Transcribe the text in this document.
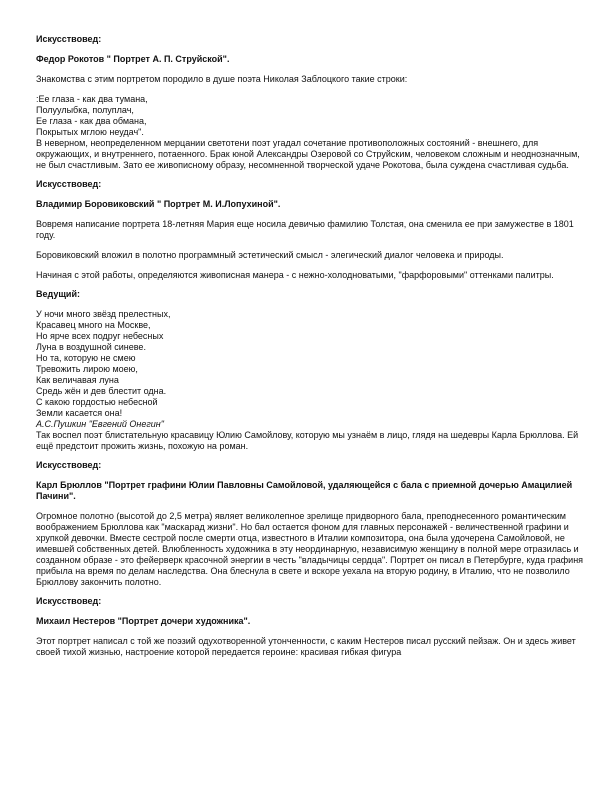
Искусствовед:

Федор Рокотов " Портрет А. П. Струйской".

Знакомства с этим портретом породило в душе поэта Николая Заблоцкого такие строки:

:Ее глаза - как два тумана,

Полуулыбка, полуплач,

Ее глаза - как два обмана,

Покрытых мглою неудач".

В неверном, неопределенном мерцании светотени поэт угадал сочетание противоположных состояний - внешнего, для окружающих, и внутреннего, потаенного. Брак юной Александры Озеровой со Струйским, человеком сложным и неоднозначным, не был счастливым. Зато ее живописному образу, несомненной творческой удаче Рокотова, была суждена счастливая судьба.

Искусствовед:

Владимир Боровиковский " Портрет М. И.Лопухиной".

Вовремя написание портрета 18-летняя Мария еще носила девичью фамилию Толстая, она сменила ее при замужестве в 1801 году.

Боровиковский вложил в полотно программный эстетический смысл - элегический диалог человека и природы.

Начиная с этой работы, определяются живописная манера - с нежно-холодноватыми, "фарфоровыми" оттенками палитры.

Ведущий:

У ночи много звёзд прелестных,

Красавец много на Москве,

Но ярче всех подруг небесных

Луна в воздушной синеве.

Но та, которую не смею

Тревожить лирою моею,

Как величавая луна

Средь жён и дев блестит одна.

С какою гордостью небесной

Земли касается она!

А.С.Пушкин "Евгений Онегин"

Так воспел поэт блистательную красавицу Юлию Самойлову, которую мы узнаём в лицо, глядя на шедевры Карла Брюллова. Ей ещё предстоит прожить жизнь, похожую на роман.

Искусствовед:

Карл Брюллов "Портрет графини Юлии Павловны Самойловой, удаляющейся с бала с приемной дочерью Амацилией Пачини".

Огромное полотно (высотой до 2,5 метра) являет великолепное зрелище придворного бала, преподнесенного романтическим воображением Брюллова как "маскарад жизни". Но бал остается фоном для главных персонажей - величественной графини и хрупкой девочки. Вместе сестрой после смерти отца, известного в Италии композитора, она была удочерена Самойловой, не имевшей собственных детей. Влюбленность художника в эту неординарную, независимую женщину в полной мере отразилась и созданном образе - это фейерверк красочной энергии в честь "владычицы сердца". Портрет он писал в Петербурге, куда графиня прибыла на время по делам наследства. Она блеснула в свете и вскоре уехала на вторую родину, в Италию, что не позволило Брюллову закончить полотно.

Искусствовед:

Михаил Нестеров "Портрет дочери художника".

Этот портрет написал с той же поэзий одухотворенной утонченности, с каким Нестеров писал русский пейзаж. Он и здесь живет своей тихой жизнью, настроение которой передается героине: красивая гибкая фигура
